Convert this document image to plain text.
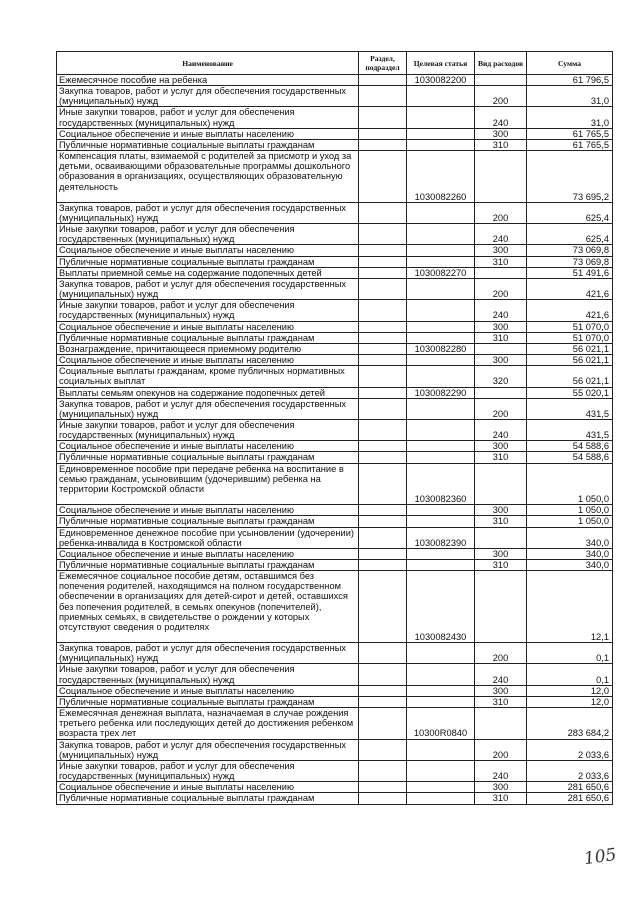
Наименование	Раздел, подраздел	Целевая статья	Вид расходов	Сумма
Ежемесячное пособие на ребенка		1030082200		61 796,5
Закупка товаров, работ и услуг для обеспечения государственных (муниципальных) нужд			200	31,0
Иные закупки товаров, работ и услуг для обеспечения государственных (муниципальных) нужд			240	31,0
Социальное обеспечение и иные выплаты населению			300	61 765,5
Публичные нормативные социальные выплаты гражданам			310	61 765,5
Компенсация платы, взимаемой с родителей за присмотр и уход за детьми, осваивающими образовательные программы дошкольного образования в организациях, осуществляющих образовательную деятельность		1030082260		73 695,2
Закупка товаров, работ и услуг для обеспечения государственных (муниципальных) нужд			200	625,4
Иные закупки товаров, работ и услуг для обеспечения государственных (муниципальных) нужд			240	625,4
Социальное обеспечение и иные выплаты населению			300	73 069,8
Публичные нормативные социальные выплаты гражданам			310	73 069,8
Выплаты приемной семье на содержание подопечных детей		1030082270		51 491,6
Закупка товаров, работ и услуг для обеспечения государственных (муниципальных) нужд			200	421,6
Иные закупки товаров, работ и услуг для обеспечения государственных (муниципальных) нужд			240	421,6
Социальное обеспечение и иные выплаты населению			300	51 070,0
Публичные нормативные социальные выплаты гражданам			310	51 070,0
Вознаграждение, причитающееся приемному родителю		1030082280		56 021,1
Социальное обеспечение и иные выплаты населению			300	56 021,1
Социальные выплаты гражданам, кроме публичных нормативных социальных выплат			320	56 021,1
Выплаты семьям опекунов на содержание подопечных детей		1030082290		55 020,1
Закупка товаров, работ и услуг для обеспечения государственных (муниципальных) нужд			200	431,5
Иные закупки товаров, работ и услуг для обеспечения государственных (муниципальных) нужд			240	431,5
Социальное обеспечение и иные выплаты населению			300	54 588,6
Публичные нормативные социальные выплаты гражданам			310	54 588,6
Единовременное пособие при передаче ребенка на воспитание в семью гражданам, усыновившим (удочерившим) ребенка на территории Костромской области		1030082360		1 050,0
Социальное обеспечение и иные выплаты населению			300	1 050,0
Публичные нормативные социальные выплаты гражданам			310	1 050,0
Единовременное денежное пособие при усыновлении (удочерении) ребенка-инвалида в Костромской области		1030082390		340,0
Социальное обеспечение и иные выплаты населению			300	340,0
Публичные нормативные социальные выплаты гражданам			310	340,0
Ежемесячное социальное пособие детям, оставшимся без попечения родителей, находящимся на полном государственном обеспечении в организациях для детей-сирот и детей, оставшихся без попечения родителей, в семьях опекунов (попечителей), приемных семьях, в свидетельстве о рождении у которых отсутствуют сведения о родителях		1030082430		12,1
Закупка товаров, работ и услуг для обеспечения государственных (муниципальных) нужд			200	0,1
Иные закупки товаров, работ и услуг для обеспечения государственных (муниципальных) нужд			240	0,1
Социальное обеспечение и иные выплаты населению			300	12,0
Публичные нормативные социальные выплаты гражданам			310	12,0
Ежемесячная денежная выплата, назначаемая в случае рождения третьего ребенка или последующих детей до достижения ребенком возраста трех лет		10300R0840		283 684,2
Закупка товаров, работ и услуг для обеспечения государственных (муниципальных) нужд			200	2 033,6
Иные закупки товаров, работ и услуг для обеспечения государственных (муниципальных) нужд			240	2 033,6
Социальное обеспечение и иные выплаты населению			300	281 650,6
Публичные нормативные социальные выплаты гражданам			310	281 650,6
105
